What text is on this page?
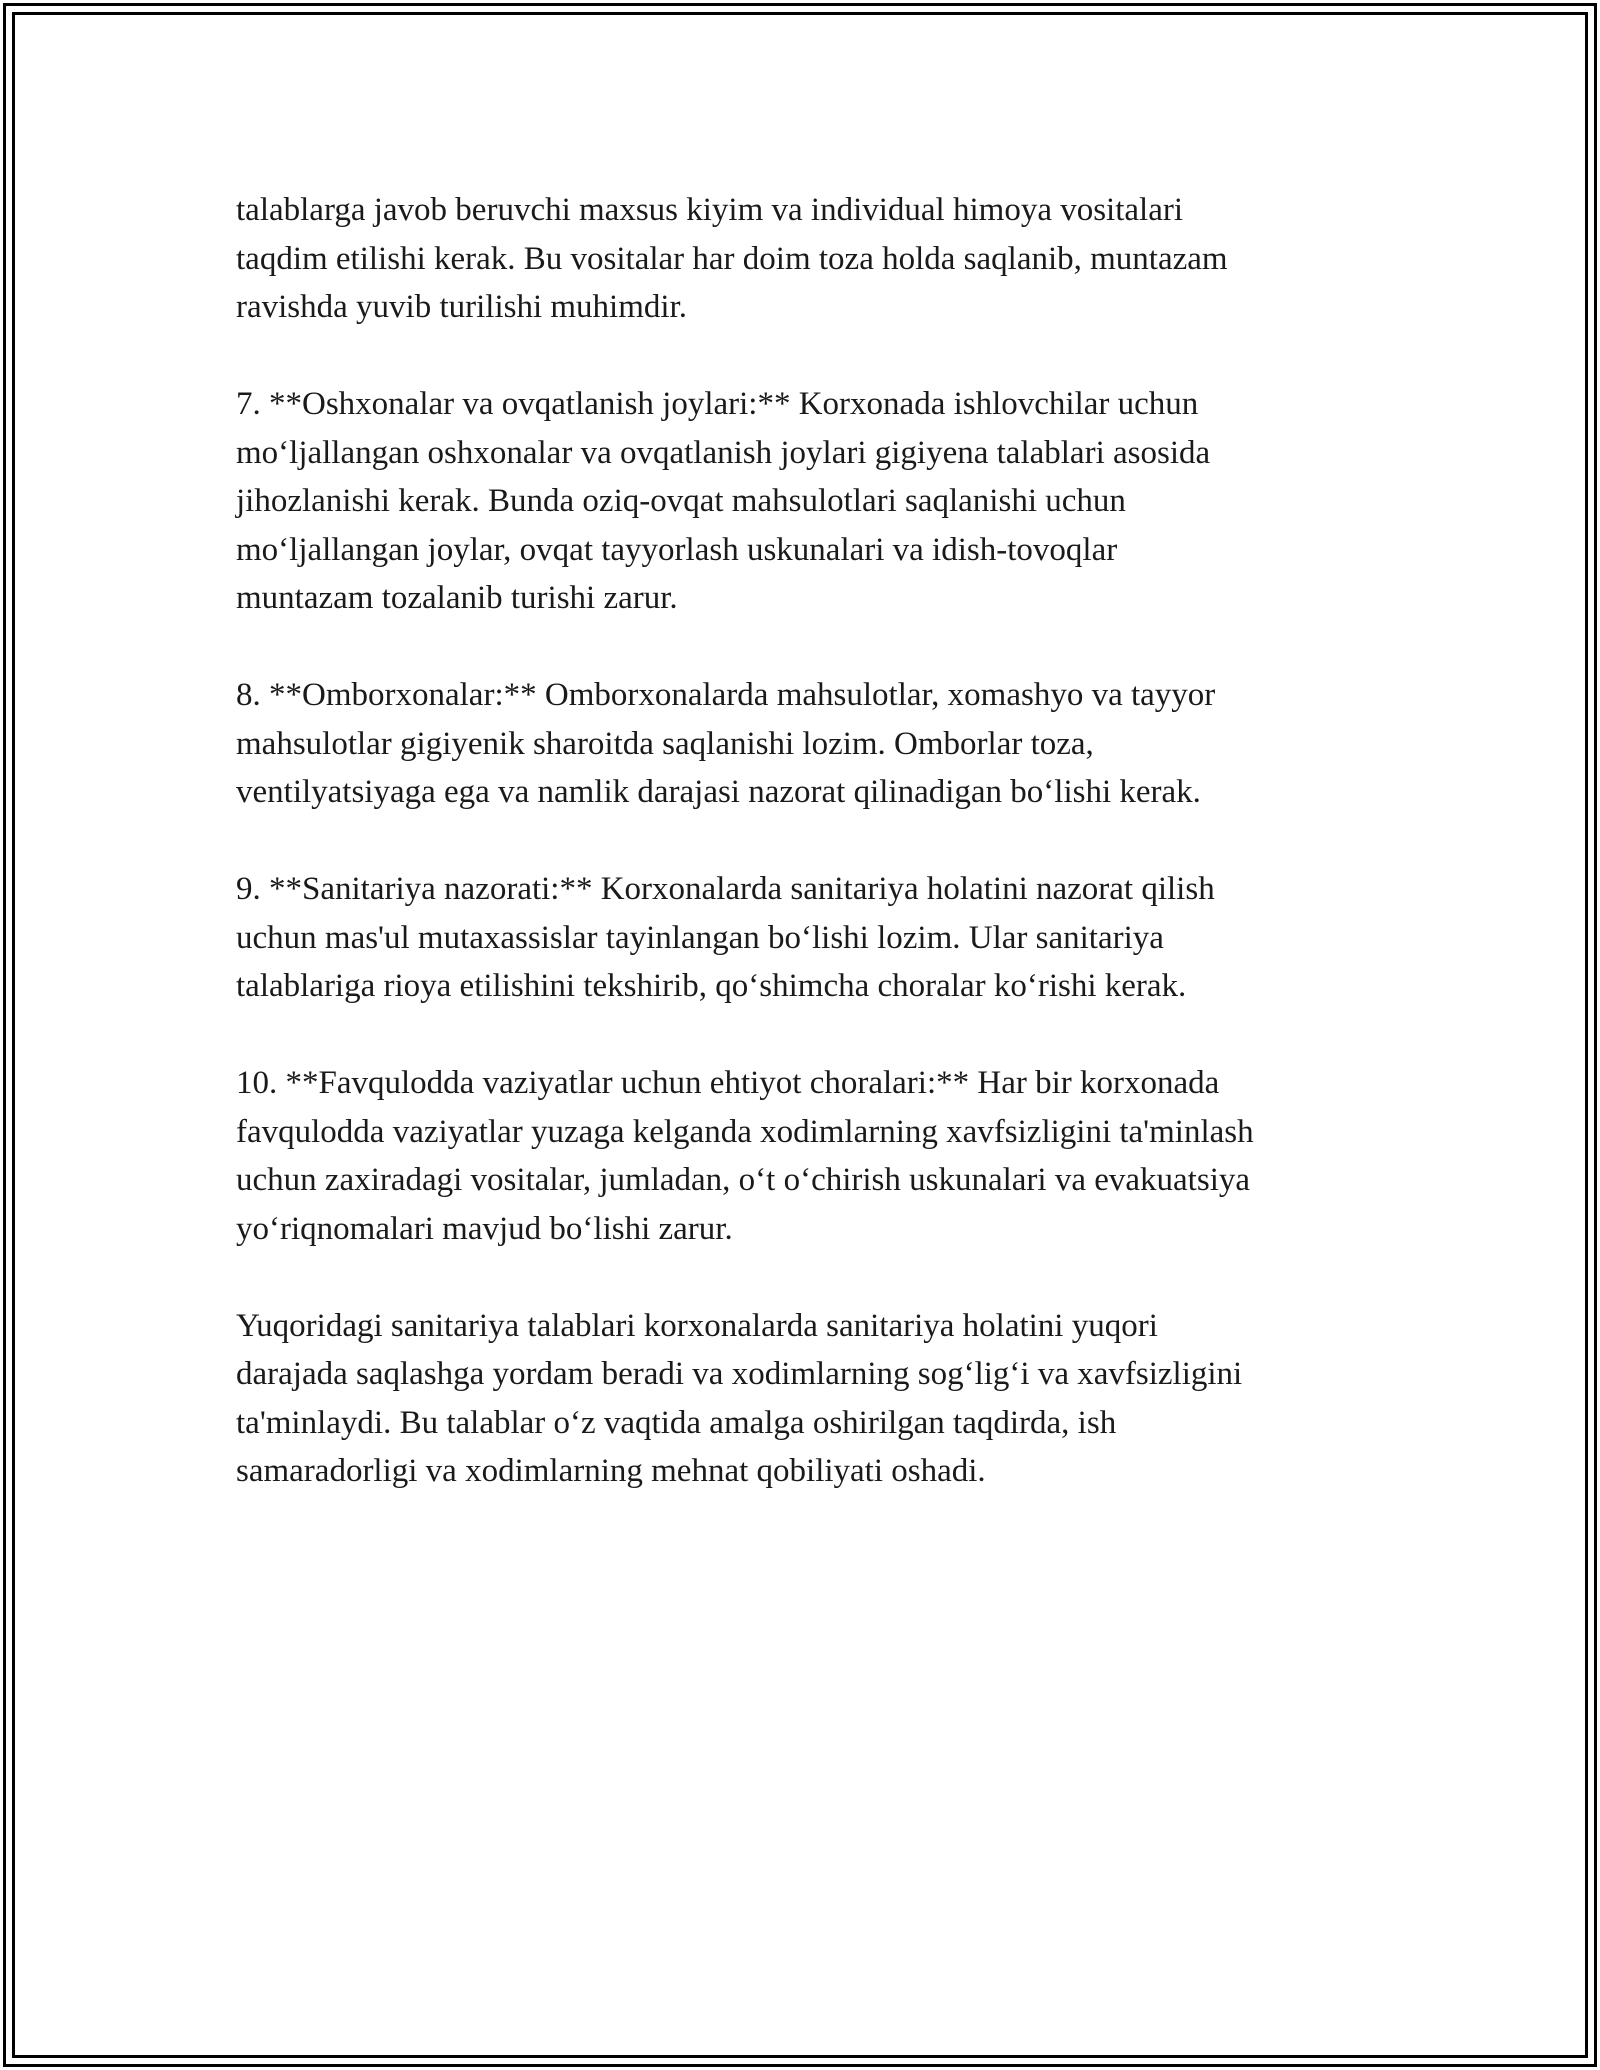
talablarga javob beruvchi maxsus kiyim va individual himoya vositalari
taqdim etilishi kerak. Bu vositalar har doim toza holda saqlanib, muntazam
ravishda yuvib turilishi muhimdir.

7. **Oshxonalar va ovqatlanish joylari:** Korxonada ishlovchilar uchun
mo‘ljallangan oshxonalar va ovqatlanish joylari gigiyena talablari asosida
jihozlanishi kerak. Bunda oziq-ovqat mahsulotlari saqlanishi uchun
mo‘ljallangan joylar, ovqat tayyorlash uskunalari va idish-tovoqlar
muntazam tozalanib turishi zarur.

8. **Omborxonalar:** Omborxonalarda mahsulotlar, xomashyo va tayyor
mahsulotlar gigiyenik sharoitda saqlanishi lozim. Omborlar toza,
ventilyatsiyaga ega va namlik darajasi nazorat qilinadigan bo‘lishi kerak.

9. **Sanitariya nazorati:** Korxonalarda sanitariya holatini nazorat qilish
uchun mas'ul mutaxassislar tayinlangan bo‘lishi lozim. Ular sanitariya
talablariga rioya etilishini tekshirib, qo‘shimcha choralar ko‘rishi kerak.

10. **Favqulodda vaziyatlar uchun ehtiyot choralari:** Har bir korxonada
favqulodda vaziyatlar yuzaga kelganda xodimlarning xavfsizligini ta'minlash
uchun zaxiradagi vositalar, jumladan, o‘t o‘chirish uskunalari va evakuatsiya
yo‘riqnomalari mavjud bo‘lishi zarur.

Yuqoridagi sanitariya talablari korxonalarda sanitariya holatini yuqori
darajada saqlashga yordam beradi va xodimlarning sog‘lig‘i va xavfsizligini
ta'minlaydi. Bu talablar o‘z vaqtida amalga oshirilgan taqdirda, ish
samaradorligi va xodimlarning mehnat qobiliyati oshadi.
